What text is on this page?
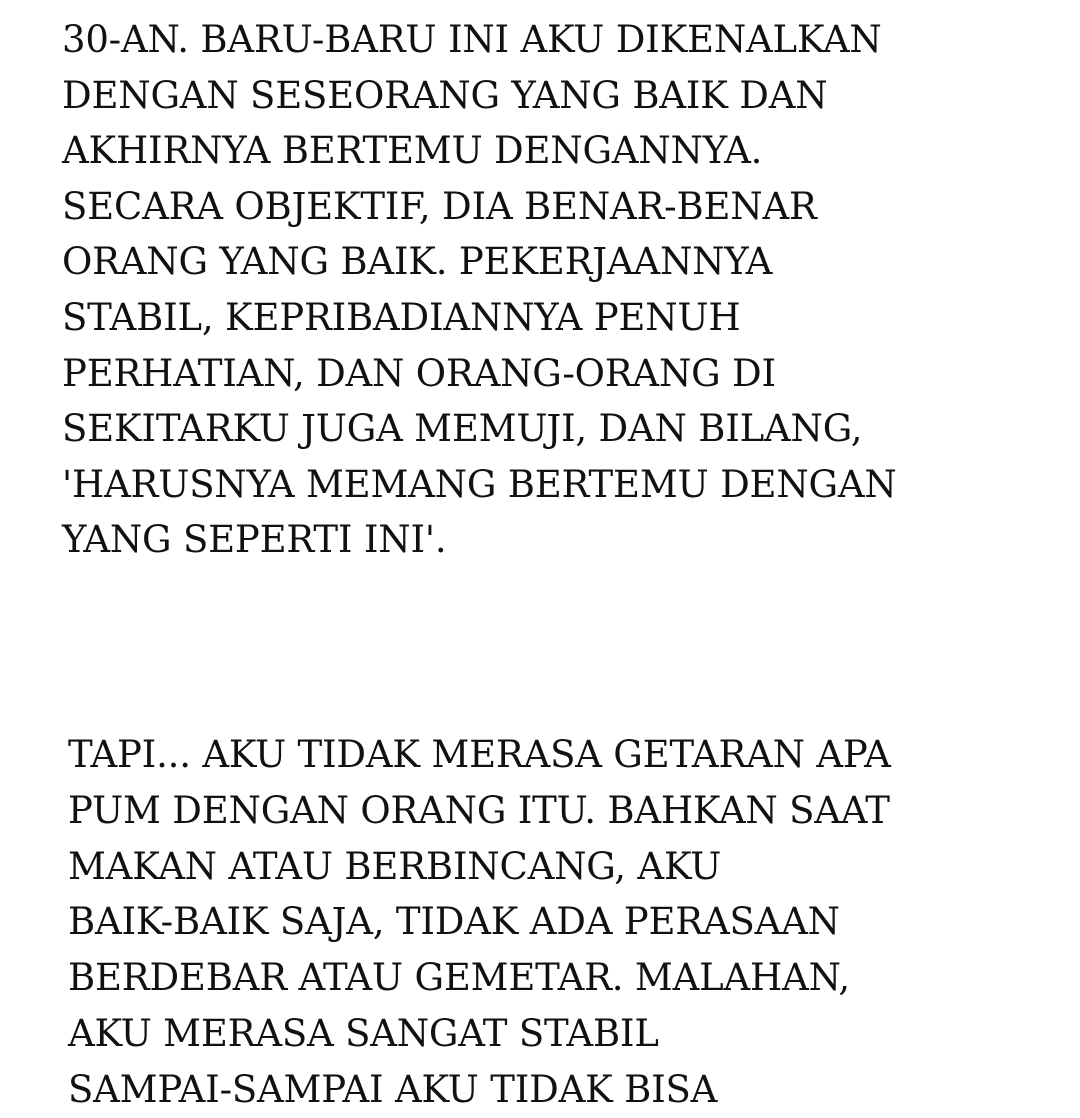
30-AN. BARU-BARU INI AKU DIKENALKAN
DENGAN SESEORANG YANG BAIK DAN
AKHIRNYA BERTEMU DENGANNYA.
SECARA OBJEKTIF, DIA BENAR-BENAR
ORANG YANG BAIK. PEKERJAANNYA
STABIL, KEPRIBADIANNYA PENUH
PERHATIAN, DAN ORANG-ORANG DI
SEKITARKU JUGA MEMUJI, DAN BILANG,
'HARUSNYA MEMANG BERTEMU DENGAN
YANG SEPERTI INI'.
TAPI... AKU TIDAK MERASA GETARAN APA
PUM DENGAN ORANG ITU. BAHKAN SAAT
MAKAN ATAU BERBINCANG, AKU
BAIK-BAIK SAJA, TIDAK ADA PERASAAN
BERDEBAR ATAU GEMETAR. MALAHAN,
AKU MERASA SANGAT STABIL
SAMPAI-SAMPAI AKU TIDAK BISA
